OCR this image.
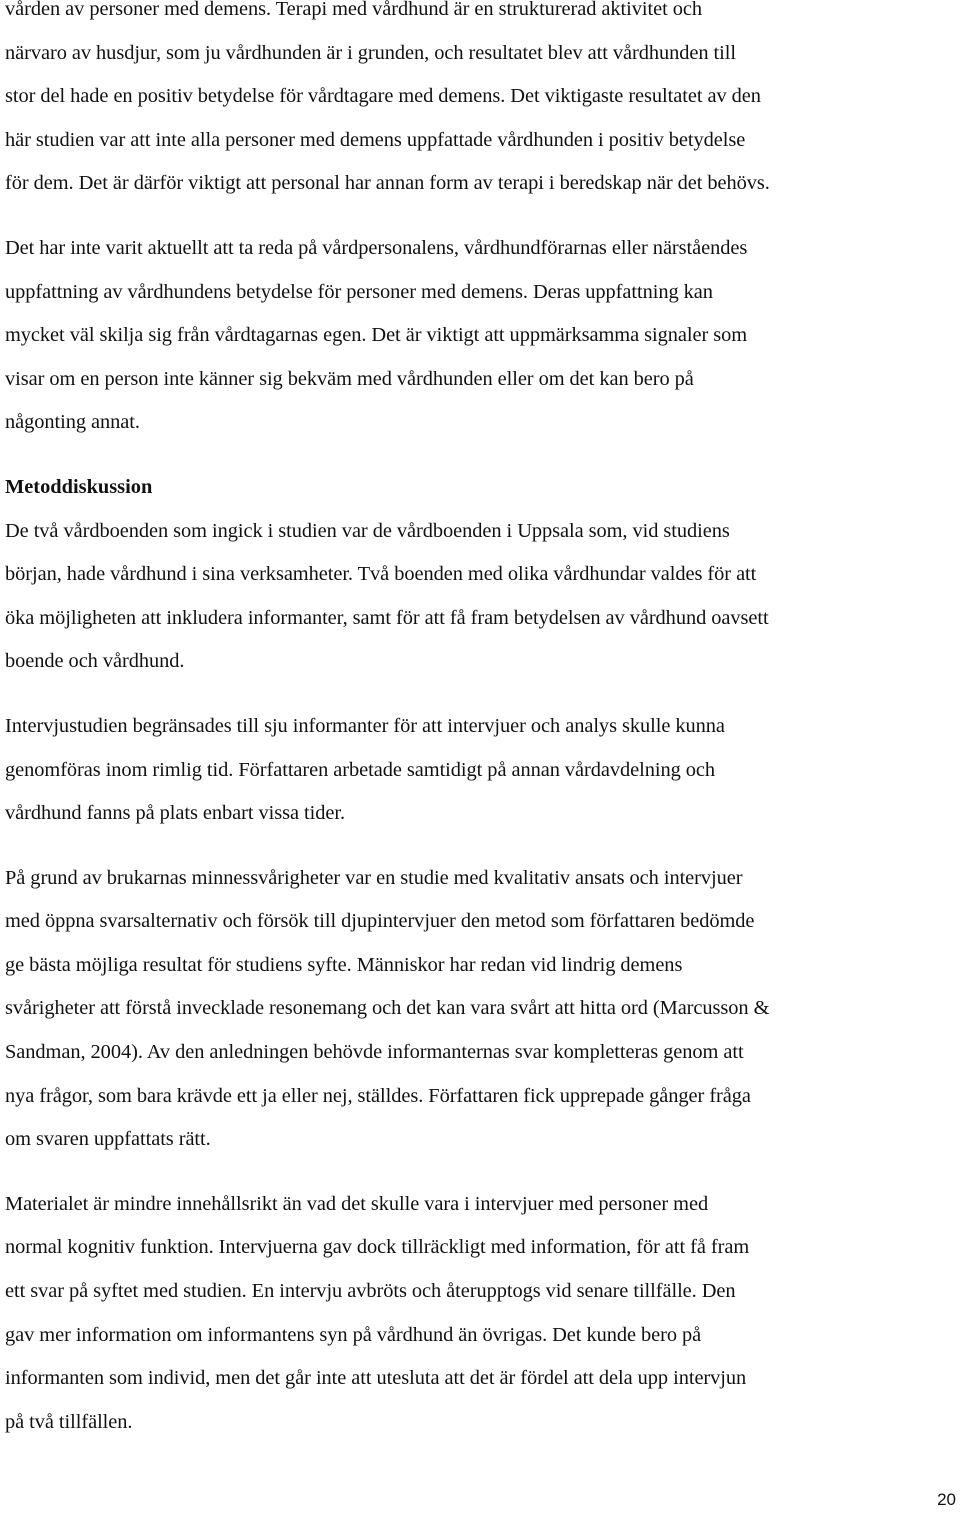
vården av personer med demens. Terapi med vårdhund är en strukturerad aktivitet och
närvaro av husdjur, som ju vårdhunden är i grunden, och resultatet blev att vårdhunden till
stor del hade en positiv betydelse för vårdtagare med demens. Det viktigaste resultatet av den
här studien var att inte alla personer med demens uppfattade vårdhunden i positiv betydelse
för dem. Det är därför viktigt att personal har annan form av terapi i beredskap när det behövs.

Det har inte varit aktuellt att ta reda på vårdpersonalens, vårdhundförarnas eller närståendes
uppfattning av vårdhundens betydelse för personer med demens. Deras uppfattning kan
mycket väl skilja sig från vårdtagarnas egen. Det är viktigt att uppmärksamma signaler som
visar om en person inte känner sig bekväm med vårdhunden eller om det kan bero på
någonting annat.

Metoddiskussion

De två vårdboenden som ingick i studien var de vårdboenden i Uppsala som, vid studiens
början, hade vårdhund i sina verksamheter. Två boenden med olika vårdhundar valdes för att
öka möjligheten att inkludera informanter, samt för att få fram betydelsen av vårdhund oavsett
boende och vårdhund.

Intervjustudien begränsades till sju informanter för att intervjuer och analys skulle kunna
genomföras inom rimlig tid. Författaren arbetade samtidigt på annan vårdavdelning och
vårdhund fanns på plats enbart vissa tider.

På grund av brukarnas minnessvårigheter var en studie med kvalitativ ansats och intervjuer
med öppna svarsalternativ och försök till djupintervjuer den metod som författaren bedömde
ge bästa möjliga resultat för studiens syfte. Människor har redan vid lindrig demens
svårigheter att förstå invecklade resonemang och det kan vara svårt att hitta ord (Marcusson &
Sandman, 2004). Av den anledningen behövde informanternas svar kompletteras genom att
nya frågor, som bara krävde ett ja eller nej, ställdes. Författaren fick upprepade gånger fråga
om svaren uppfattats rätt.

Materialet är mindre innehållsrikt än vad det skulle vara i intervjuer med personer med
normal kognitiv funktion. Intervjuerna gav dock tillräckligt med information, för att få fram
ett svar på syftet med studien. En intervju avbröts och återupptogs vid senare tillfälle. Den
gav mer information om informantens syn på vårdhund än övrigas. Det kunde bero på
informanten som individ, men det går inte att utesluta att det är fördel att dela upp intervjun
på två tillfällen.

20
